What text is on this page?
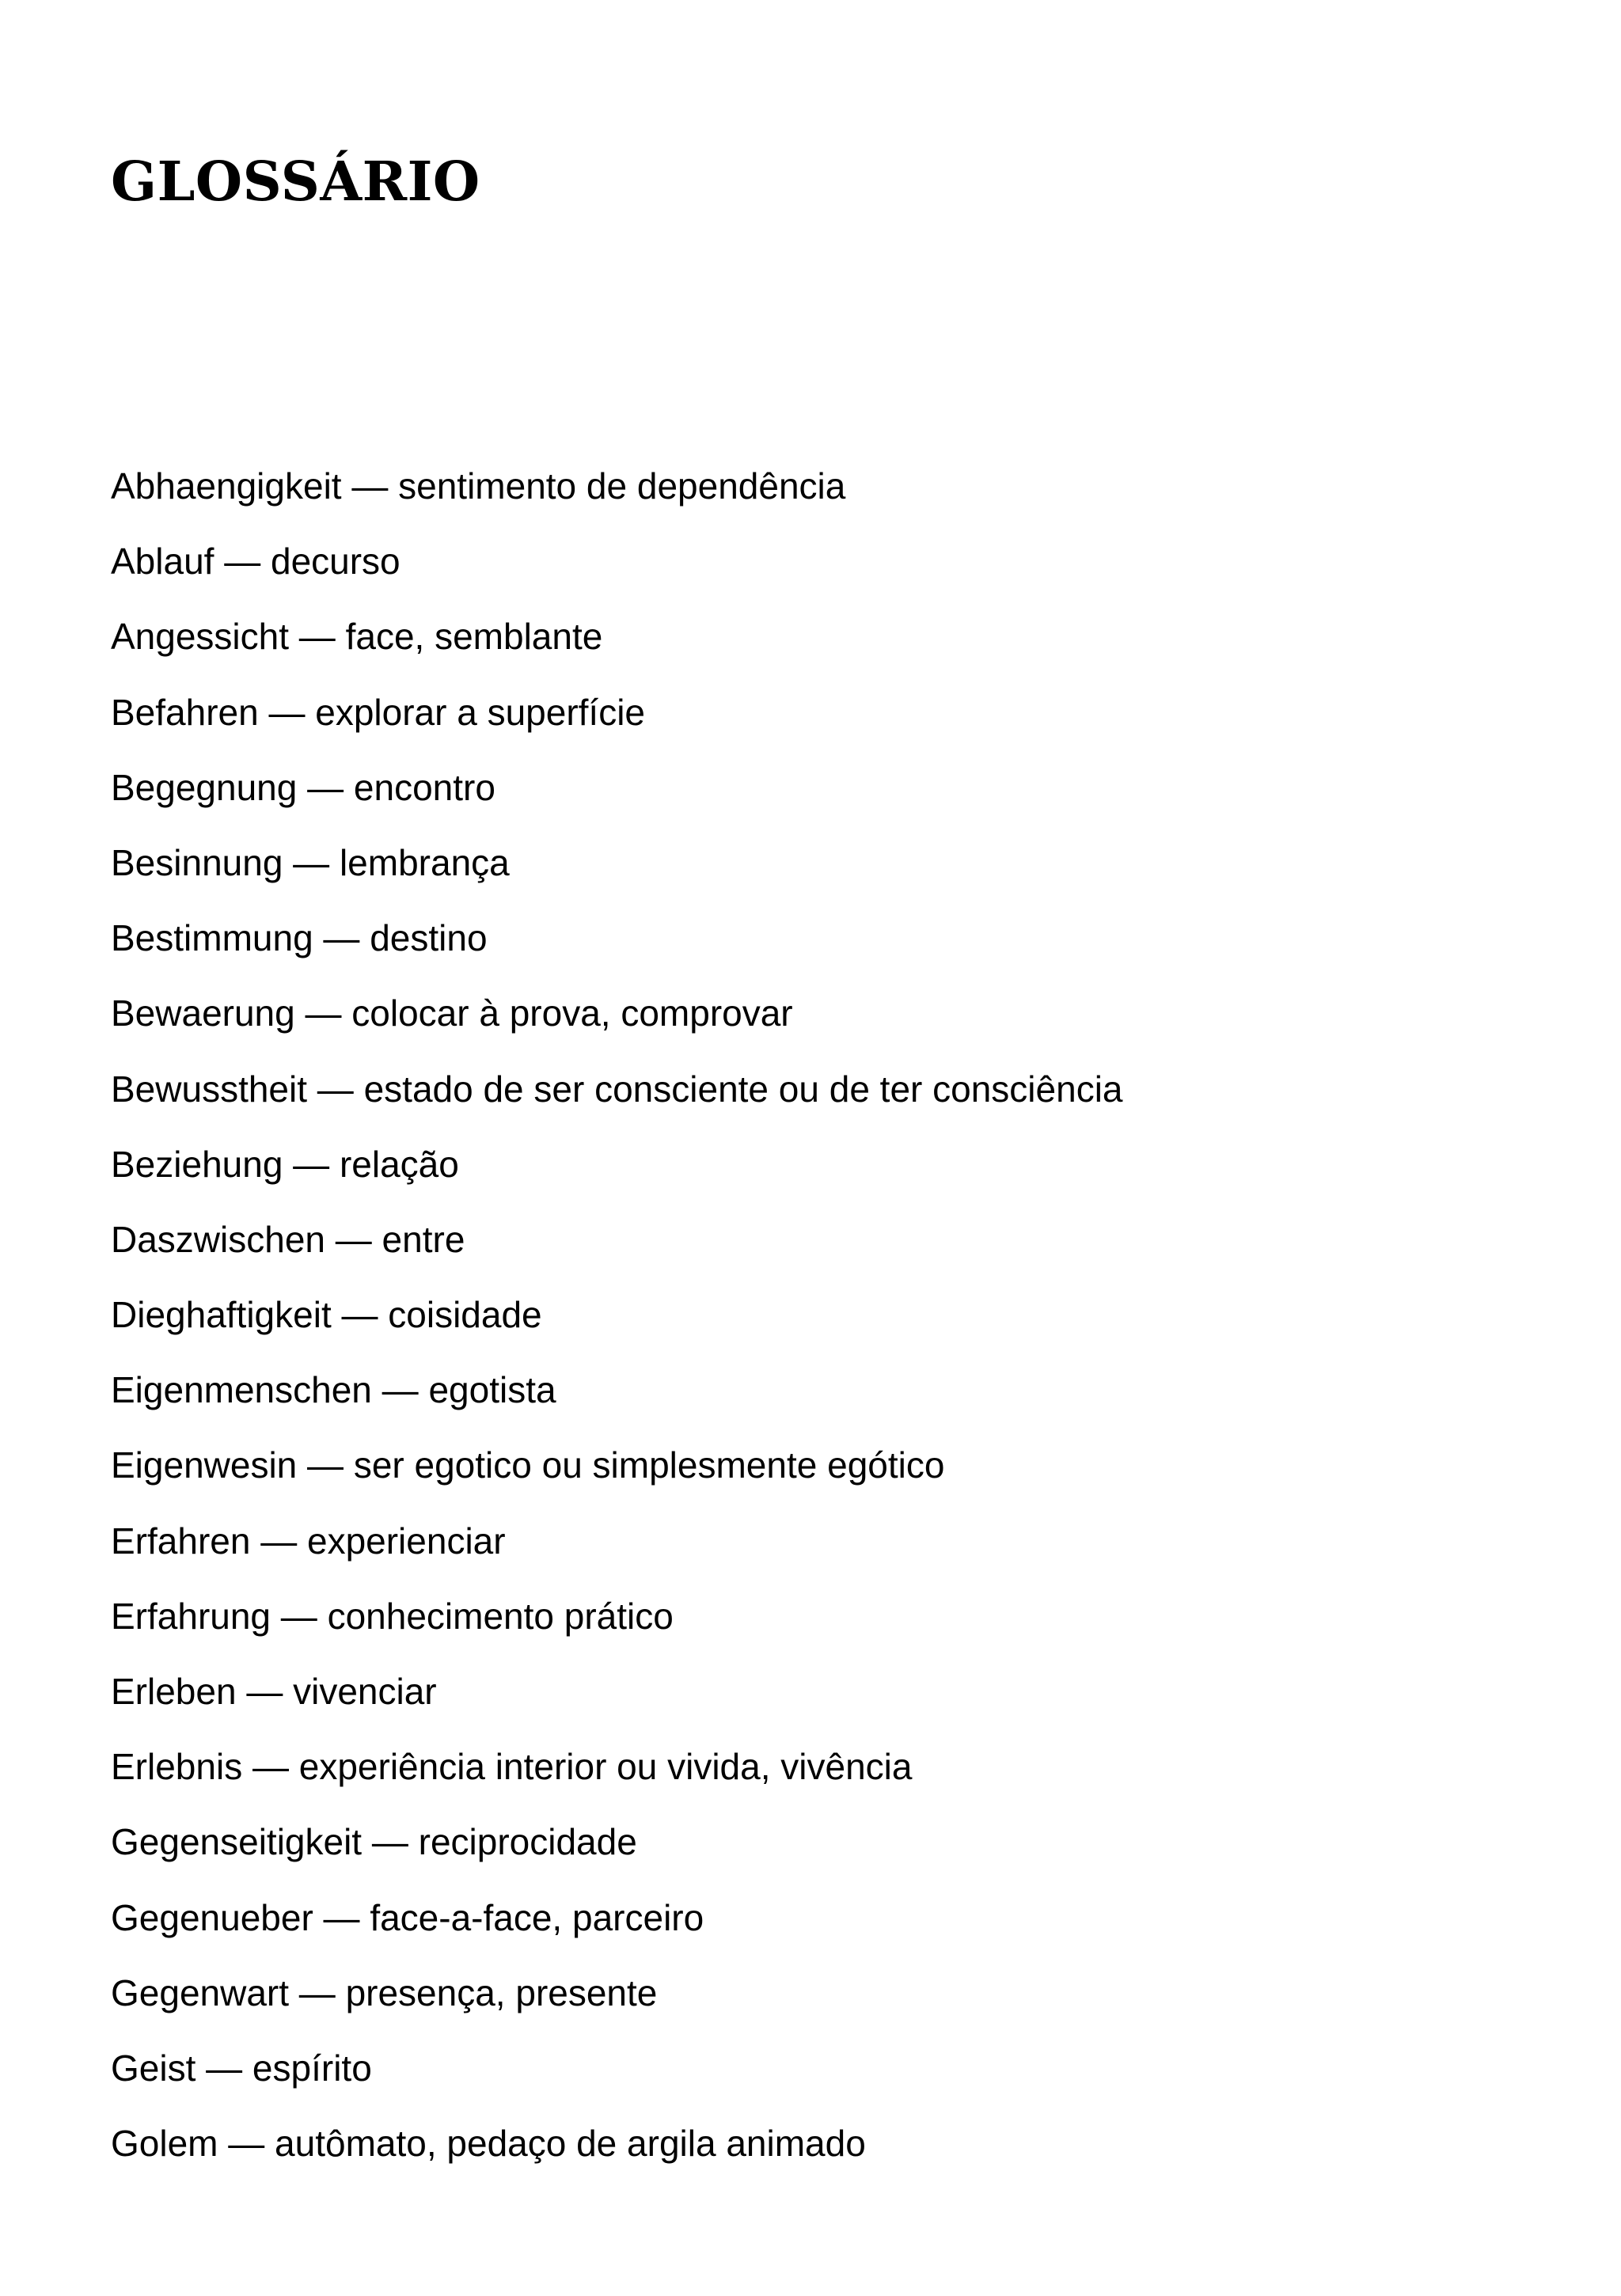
GLOSSÁRIO
Abhaengigkeit — sentimento de dependência
Ablauf — decurso
Angessicht — face, semblante
Befahren — explorar a superfície
Begegnung — encontro
Besinnung — lembrança
Bestimmung — destino
Bewaerung — colocar à prova, comprovar
Bewusstheit — estado de ser consciente ou de ter consciência
Beziehung — relação
Daszwischen — entre
Dieghaftigkeit — coisidade
Eigenmenschen — egotista
Eigenwesin — ser egotico ou simplesmente egótico
Erfahren — experienciar
Erfahrung — conhecimento prático
Erleben — vivenciar
Erlebnis — experiência interior ou vivida, vivência
Gegenseitigkeit — reciprocidade
Gegenueber — face-a-face, parceiro
Gegenwart — presença, presente
Geist — espírito
Golem — autômato, pedaço de argila animado
